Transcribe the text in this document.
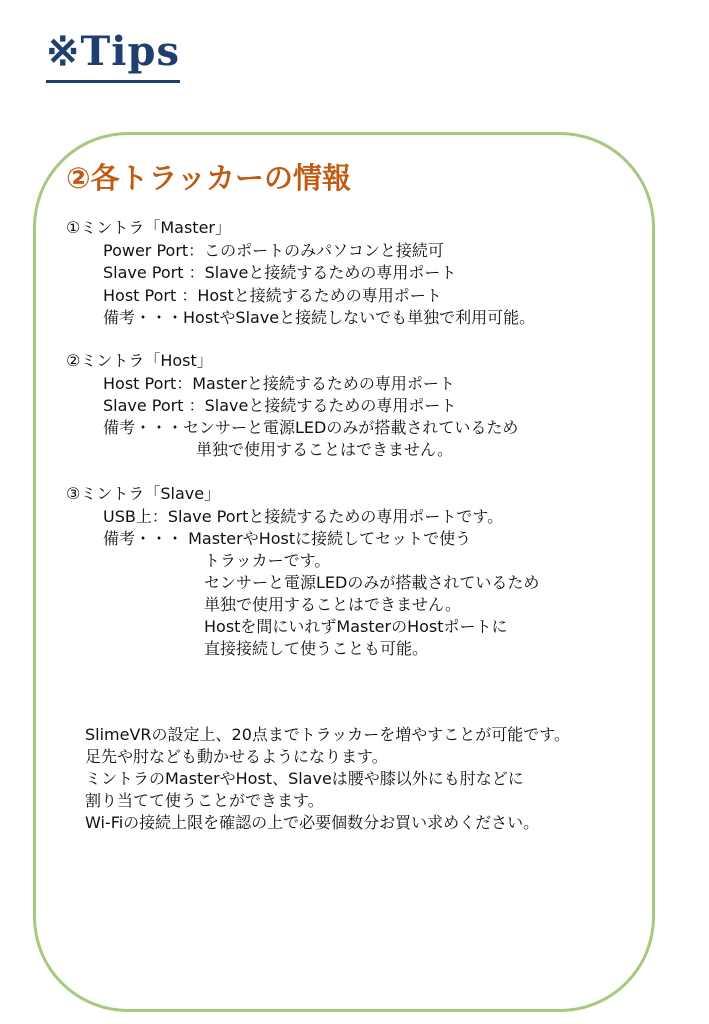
※Tips
②各トラッカーの情報
①ミントラ「Master」
Power Port：このポートのみパソコンと接続可
Slave Port ：Slaveと接続するための専用ポート
Host Port ：Hostと接続するための専用ポート
備考・・・HostやSlaveと接続しないでも単独で利用可能。
②ミントラ「Host」
Host Port：Masterと接続するための専用ポート
Slave Port ：Slaveと接続するための専用ポート
備考・・・センサーと電源LEDのみが搭載されているため
単独で使用することはできません。
③ミントラ「Slave」
USB上：Slave Portと接続するための専用ポートです。
備考・・・ MasterやHostに接続してセットで使う
トラッカーです。
センサーと電源LEDのみが搭載されているため
単独で使用することはできません。
Hostを間にいれずMasterのHostポートに
直接接続して使うことも可能。
SlimeVRの設定上、20点までトラッカーを増やすことが可能です。
足先や肘なども動かせるようになります。
ミントラのMasterやHost、Slaveは腰や膝以外にも肘などに
割り当てて使うことができます。
Wi-Fiの接続上限を確認の上で必要個数分お買い求めください。
